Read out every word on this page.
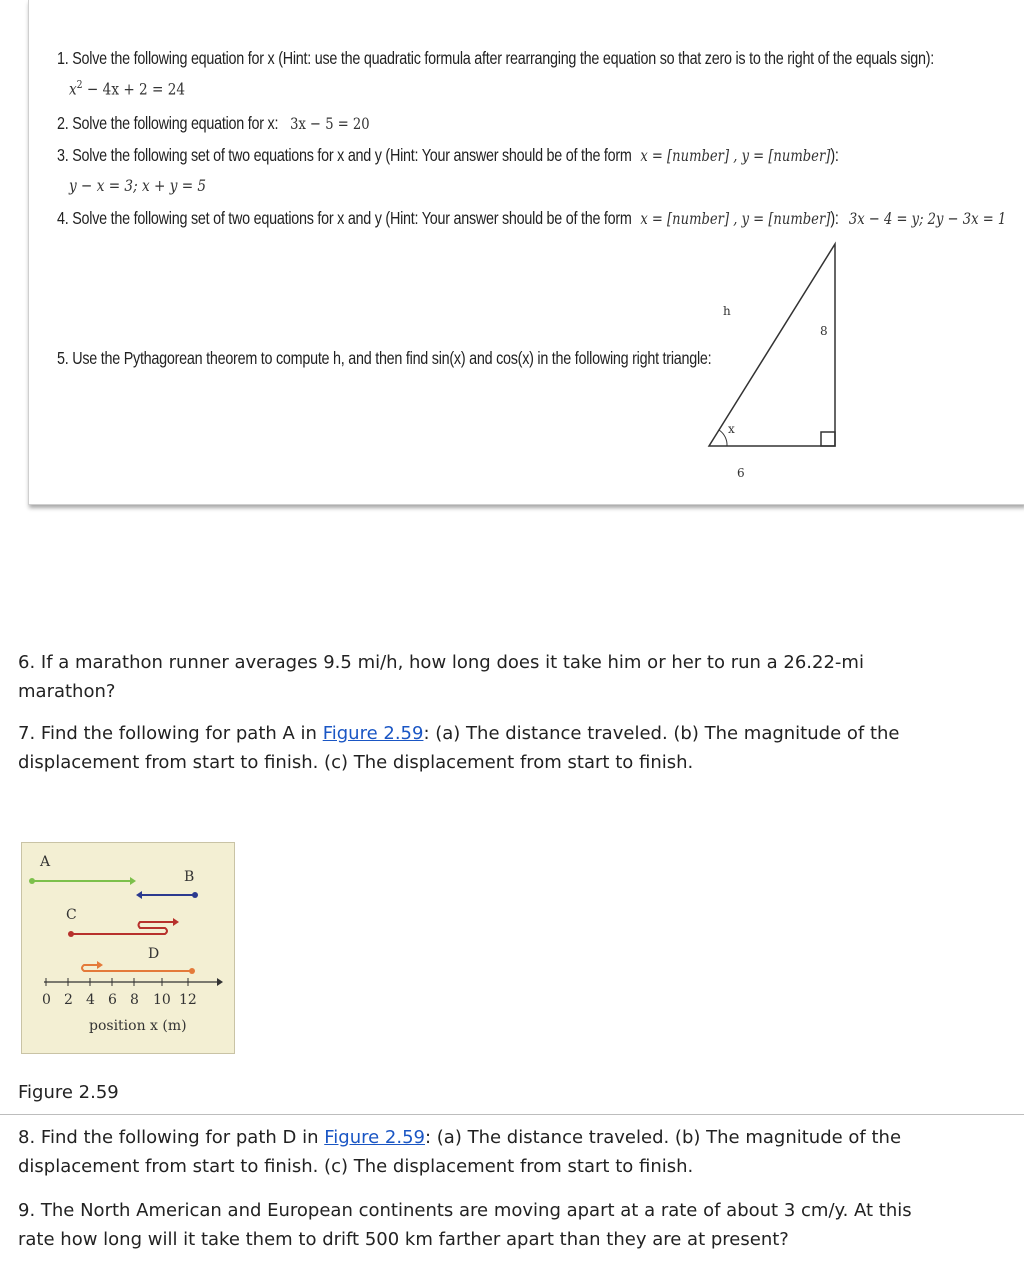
1. Solve the following equation for x (Hint: use the quadratic formula after rearranging the equation so that zero is to the right of the equals sign):
$x^2 - 4x + 2 = 24$
2. Solve the following equation for x: 3x − 5 = 20
3. Solve the following set of two equations for x and y (Hint: Your answer should be of the form x = [number] , y = [number]):
y − x = 3; x + y = 5
4. Solve the following set of two equations for x and y (Hint: Your answer should be of the form x = [number] , y = [number]): 3x − 4 = y; 2y − 3x = 1
5. Use the Pythagorean theorem to compute h, and then find sin(x) and cos(x) in the following right triangle:
h
8
x
6

6. If a marathon runner averages 9.5 mi/h, how long does it take him or her to run a 26.22-mi marathon?

7. Find the following for path A in Figure 2.59: (a) The distance traveled. (b) The magnitude of the displacement from start to finish. (c) The displacement from start to finish.

A
B
C
D
0 2 4 6 8 10 12
position x (m)
Figure 2.59

8. Find the following for path D in Figure 2.59: (a) The distance traveled. (b) The magnitude of the displacement from start to finish. (c) The displacement from start to finish.

9. The North American and European continents are moving apart at a rate of about 3 cm/y. At this rate how long will it take them to drift 500 km farther apart than they are at present?
